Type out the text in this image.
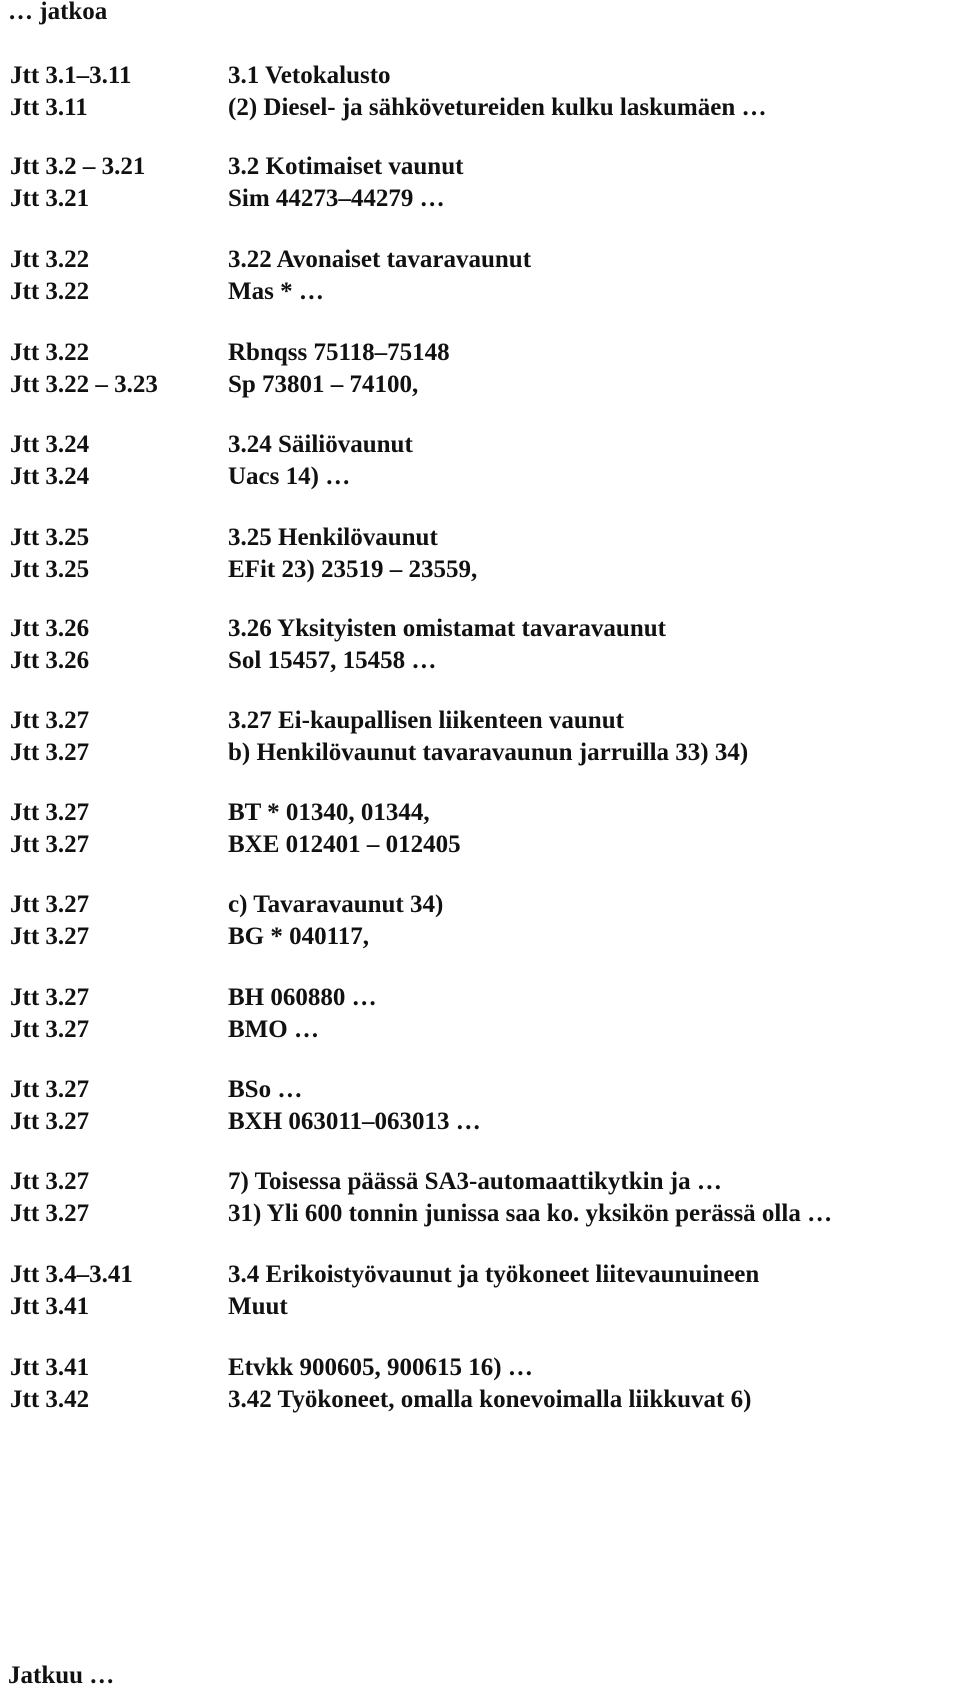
… jatkoa
Jtt 3.1–3.11	3.1 Vetokalusto
Jtt 3.11	(2) Diesel- ja sähkövetureiden kulku laskumäen …
Jtt 3.2 – 3.21	3.2 Kotimaiset vaunut
Jtt 3.21	Sim 44273–44279 …
Jtt 3.22	3.22 Avonaiset tavaravaunut
Jtt 3.22	Mas * …
Jtt 3.22	Rbnqss 75118–75148
Jtt 3.22 – 3.23	Sp 73801 – 74100,
Jtt 3.24	3.24 Säiliövaunut
Jtt 3.24	Uacs 14) …
Jtt 3.25	3.25 Henkilövaunut
Jtt 3.25	EFit 23) 23519 – 23559,
Jtt 3.26	3.26 Yksityisten omistamat tavaravaunut
Jtt 3.26	Sol 15457, 15458 …
Jtt 3.27	3.27 Ei-kaupallisen liikenteen vaunut
Jtt 3.27	b) Henkilövaunut tavaravaunun jarruilla 33) 34)
Jtt 3.27	BT * 01340, 01344,
Jtt 3.27	BXE 012401 – 012405
Jtt 3.27	c) Tavaravaunut 34)
Jtt 3.27	BG * 040117,
Jtt 3.27	BH 060880 …
Jtt 3.27	BMO …
Jtt 3.27	BSo …
Jtt 3.27	BXH 063011–063013 …
Jtt 3.27	7) Toisessa päässä SA3-automaattikytkin ja …
Jtt 3.27	31) Yli 600 tonnin junissa saa ko. yksikön perässä olla …
Jtt 3.4–3.41	3.4 Erikoistyövaunut ja työkoneet liitevaunuineen
Jtt 3.41	Muut
Jtt 3.41	Etvkk 900605, 900615 16) …
Jtt 3.42	3.42 Työkoneet, omalla konevoimalla liikkuvat 6)
Jatkuu …
